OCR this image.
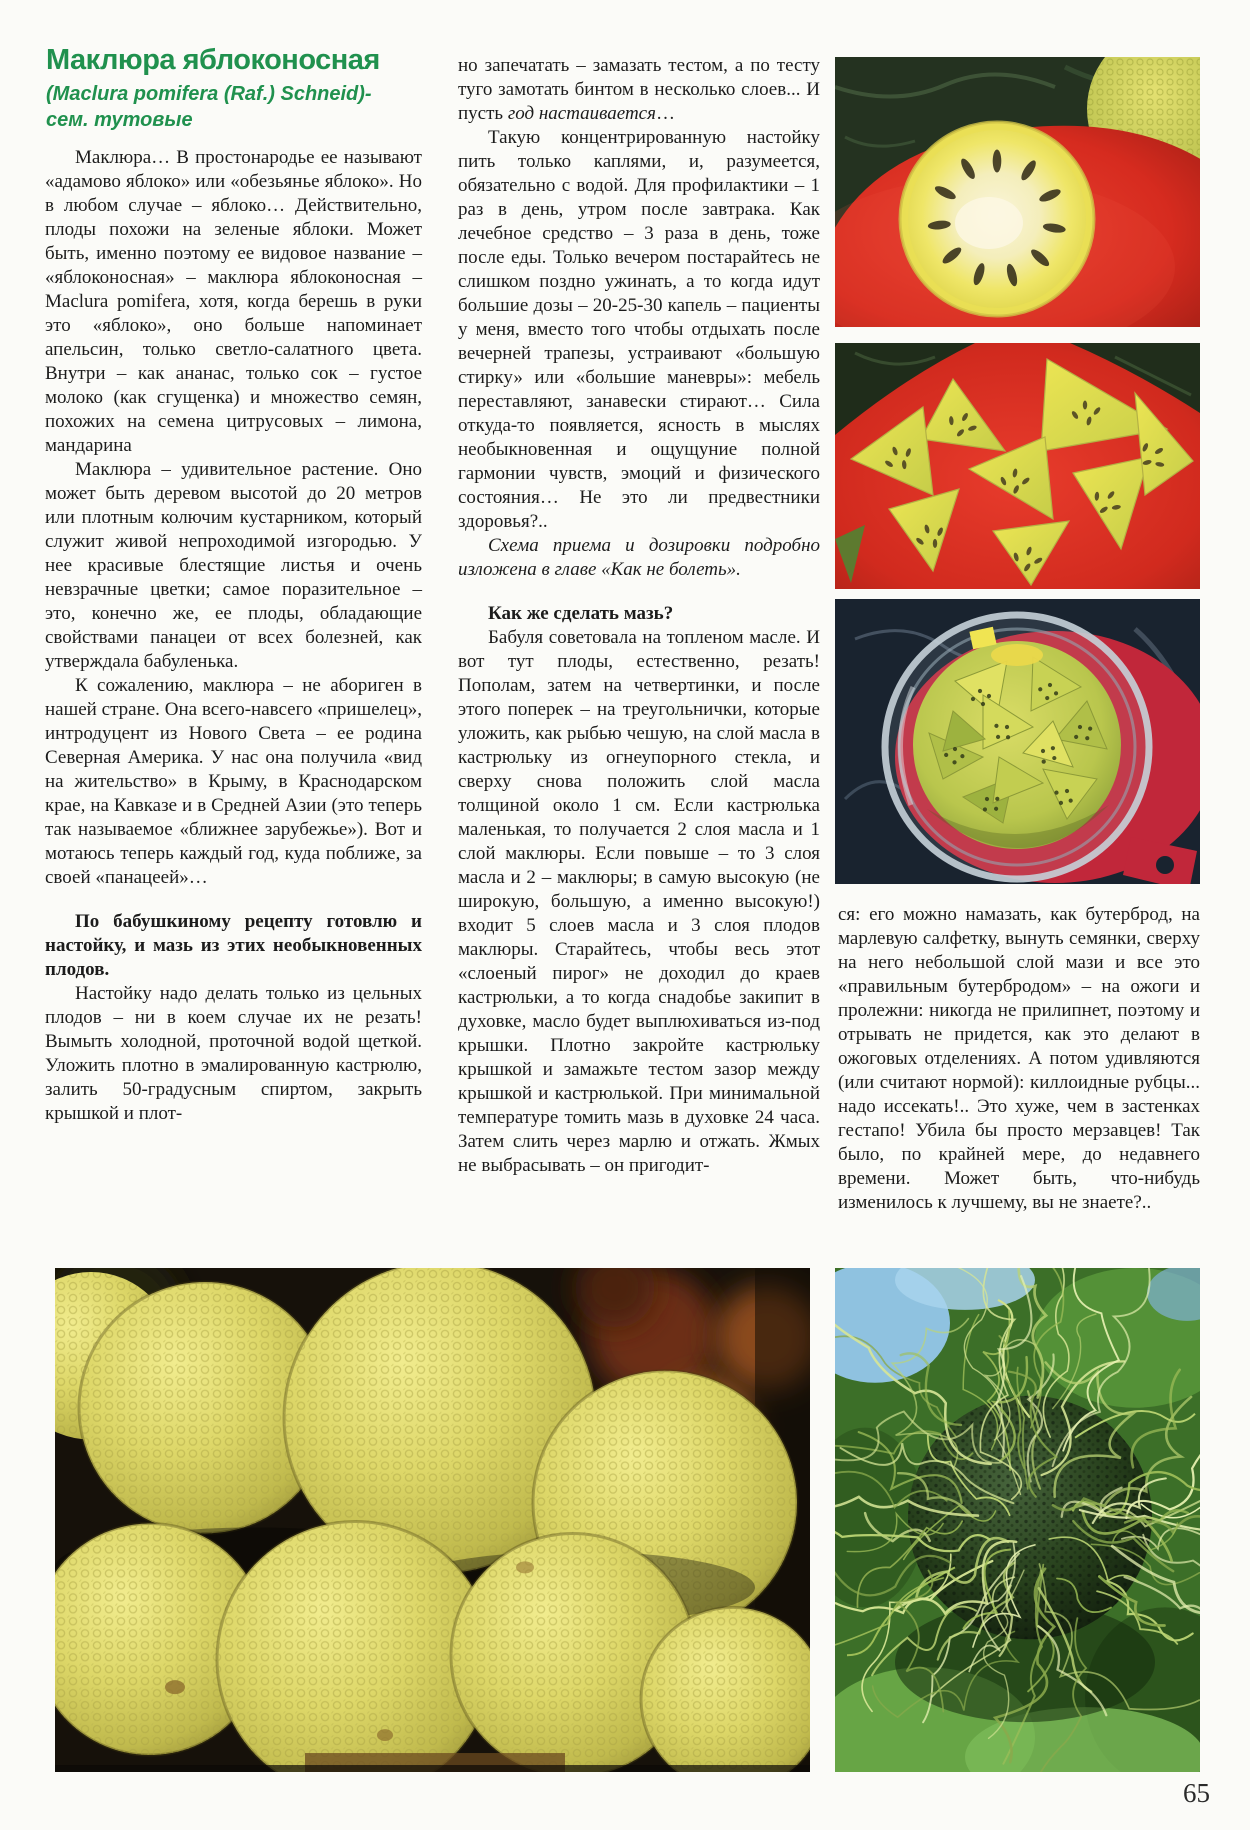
Маклюра яблоконосная
(Maclura pomifera (Raf.) Schneid)-
сем. тутовые

Маклюра… В простонародье ее называют «адамово яблоко» или «обезьянье яблоко». Но в любом случае – яблоко… Действительно, плоды похожи на зеленые яблоки. Может быть, именно поэтому ее видовое название – «яблоконосная» – маклюра яблоконосная – Maclura pomifera, хотя, когда берешь в руки это «яблоко», оно больше напоминает апельсин, только светло-салатного цвета. Внутри – как ананас, только сок – густое молоко (как сгущенка) и множество семян, похожих на семена цитрусовых – лимона, мандарина

Маклюра – удивительное растение. Оно может быть деревом высотой до 20 метров или плотным колючим кустарником, который служит живой непроходимой изгородью. У нее красивые блестящие листья и очень невзрачные цветки; самое поразительное – это, конечно же, ее плоды, обладающие свойствами панацеи от всех болезней, как утверждала бабуленька.

К сожалению, маклюра – не абориген в нашей стране. Она всего-навсего «пришелец», интродуцент из Нового Света – ее родина Северная Америка. У нас она получила «вид на жительство» в Крыму, в Краснодарском крае, на Кавказе и в Средней Азии (это теперь так называемое «ближнее зарубежье»). Вот и мотаюсь теперь каждый год, куда поближе, за своей «панацеей»…

По бабушкиному рецепту готовлю и настойку, и мазь из этих необыкновенных плодов.

Настойку надо делать только из цельных плодов – ни в коем случае их не резать! Вымыть холодной, проточной водой щеткой. Уложить плотно в эмалированную кастрюлю, залить 50-градусным спиртом, закрыть крышкой и плот-

но запечатать – замазать тестом, а по тесту туго замотать бинтом в несколько слоев... И пусть год настаивается…

Такую концентрированную настойку пить только каплями, и, разумеется, обязательно с водой. Для профилактики – 1 раз в день, утром после завтрака. Как лечебное средство – 3 раза в день, тоже после еды. Только вечером постарайтесь не слишком поздно ужинать, а то когда идут большие дозы – 20-25-30 капель – пациенты у меня, вместо того чтобы отдыхать после вечерней трапезы, устраивают «большую стирку» или «большие маневры»: мебель переставляют, занавески стирают… Сила откуда-то появляется, ясность в мыслях необыкновенная и ощущуние полной гармонии чувств, эмоций и физического состояния… Не это ли предвестники здоровья?..

Схема приема и дозировки подробно изложена в главе «Как не болеть».

Как же сделать мазь?

Бабуля советовала на топленом масле. И вот тут плоды, естественно, резать! Пополам, затем на четвертинки, и после этого поперек – на треугольнички, которые уложить, как рыбью чешую, на слой масла в кастрюльку из огнеупорного стекла, и сверху снова положить слой масла толщиной около 1 см. Если кастрюлька маленькая, то получается 2 слоя масла и 1 слой маклюры. Если повыше – то 3 слоя масла и 2 – маклюры; в самую высокую (не широкую, большую, а именно высокую!) входит 5 слоев масла и 3 слоя плодов маклюры. Старайтесь, чтобы весь этот «слоеный пирог» не доходил до краев кастрюльки, а то когда снадобье закипит в духовке, масло будет выплюхиваться из-под крышки. Плотно закройте кастрюльку крышкой и замажьте тестом зазор между крышкой и кастрюлькой. При минимальной температуре томить мазь в духовке 24 часа. Затем слить через марлю и отжать. Жмых не выбрасывать – он пригодит-

ся: его можно намазать, как бутерброд, на марлевую салфетку, вынуть семянки, сверху на него небольшой слой мази и все это «правильным бутербродом» – на ожоги и пролежни: никогда не прилипнет, поэтому и отрывать не придется, как это делают в ожоговых отделениях. А потом удивляются (или считают нормой): киллоидные рубцы... надо иссекать!.. Это хуже, чем в застенках гестапо! Убила бы просто мерзавцев! Так было, по крайней мере, до недавнего времени. Может быть, что-нибудь изменилось к лучшему, вы не знаете?..

65
